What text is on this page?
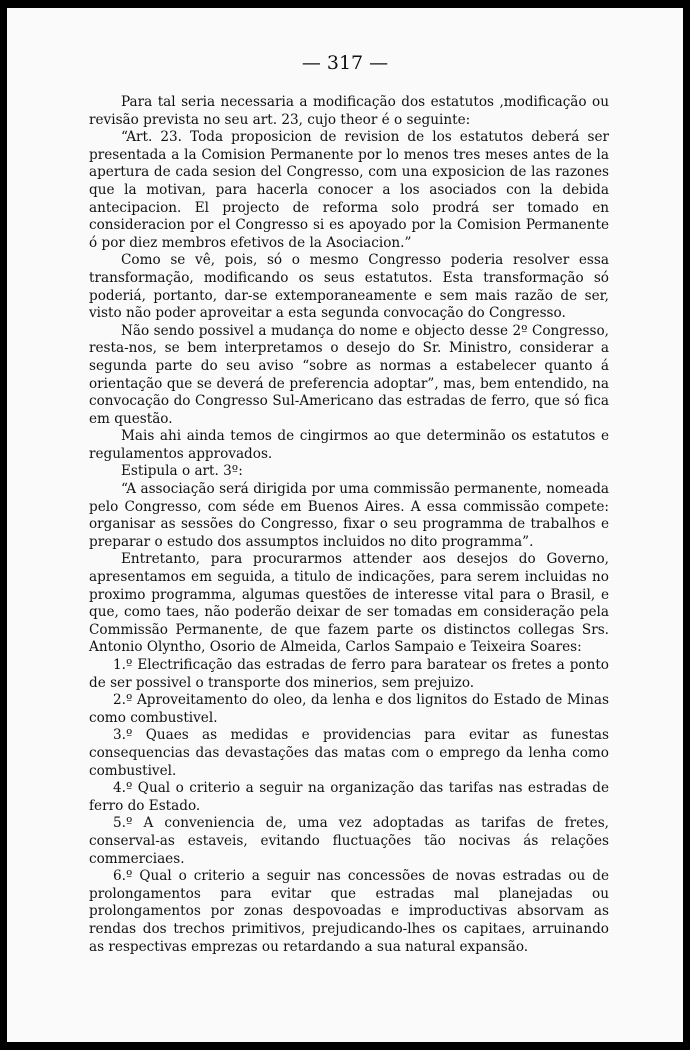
— 317 —

Para tal seria necessaria a modificação dos estatutos ,modificação ou revisão prevista no seu art. 23, cujo theor é o seguinte:

“Art. 23. Toda proposicion de revision de los estatutos deberá ser presentada a la Comision Permanente por lo menos tres meses antes de la apertura de cada sesion del Congresso, com una exposicion de las razones que la motivan, para hacerla conocer a los asociados con la debida antecipacion. El projecto de reforma solo prodrá ser tomado en consideracion por el Congresso si es apoyado por la Comision Permanente ó por diez membros efetivos de la Asociacion.”

Como se vê, pois, só o mesmo Congresso poderia resolver essa transformação, modificando os seus estatutos. Esta transformação só poderiá, portanto, dar-se extemporaneamente e sem mais razão de ser, visto não poder aproveitar a esta segunda convocação do Congresso.

Não sendo possivel a mudança do nome e objecto desse 2º Congresso, resta-nos, se bem interpretamos o desejo do Sr. Ministro, considerar a segunda parte do seu aviso “sobre as normas a estabelecer quanto á orientação que se deverá de preferencia adoptar”, mas, bem entendido, na convocação do Congresso Sul-Americano das estradas de ferro, que só fica em questão.

Mais ahi ainda temos de cingirmos ao que determinão os estatutos e regulamentos approvados.

Estipula o art. 3º:

“A associação será dirigida por uma commissão permanente, nomeada pelo Congresso, com séde em Buenos Aires. A essa commissão compete: organisar as sessões do Congresso, fixar o seu programma de trabalhos e preparar o estudo dos assumptos incluidos no dito programma”.

Entretanto, para procurarmos attender aos desejos do Governo, apresentamos em seguida, a titulo de indicações, para serem incluidas no proximo programma, algumas questões de interesse vital para o Brasil, e que, como taes, não poderão deixar de ser tomadas em consideração pela Commissão Permanente, de que fazem parte os distinctos collegas Srs. Antonio Olyntho, Osorio de Almeida, Carlos Sampaio e Teixeira Soares:

1.º Electrificação das estradas de ferro para baratear os fretes a ponto de ser possivel o transporte dos minerios, sem prejuizo.

2.º Aproveitamento do oleo, da lenha e dos lignitos do Estado de Minas como combustivel.

3.º Quaes as medidas e providencias para evitar as funestas consequencias das devastações das matas com o emprego da lenha como combustivel.

4.º Qual o criterio a seguir na organização das tarifas nas estradas de ferro do Estado.

5.º A conveniencia de, uma vez adoptadas as tarifas de fretes, conserval-as estaveis, evitando fluctuações tão nocivas ás relações commerciaes.

6.º Qual o criterio a seguir nas concessões de novas estradas ou de prolongamentos para evitar que estradas mal planejadas ou prolongamentos por zonas despovoadas e improductivas absorvam as rendas dos trechos primitivos, prejudicando-lhes os capitaes, arruinando as respectivas emprezas ou retardando a sua natural expansão.
